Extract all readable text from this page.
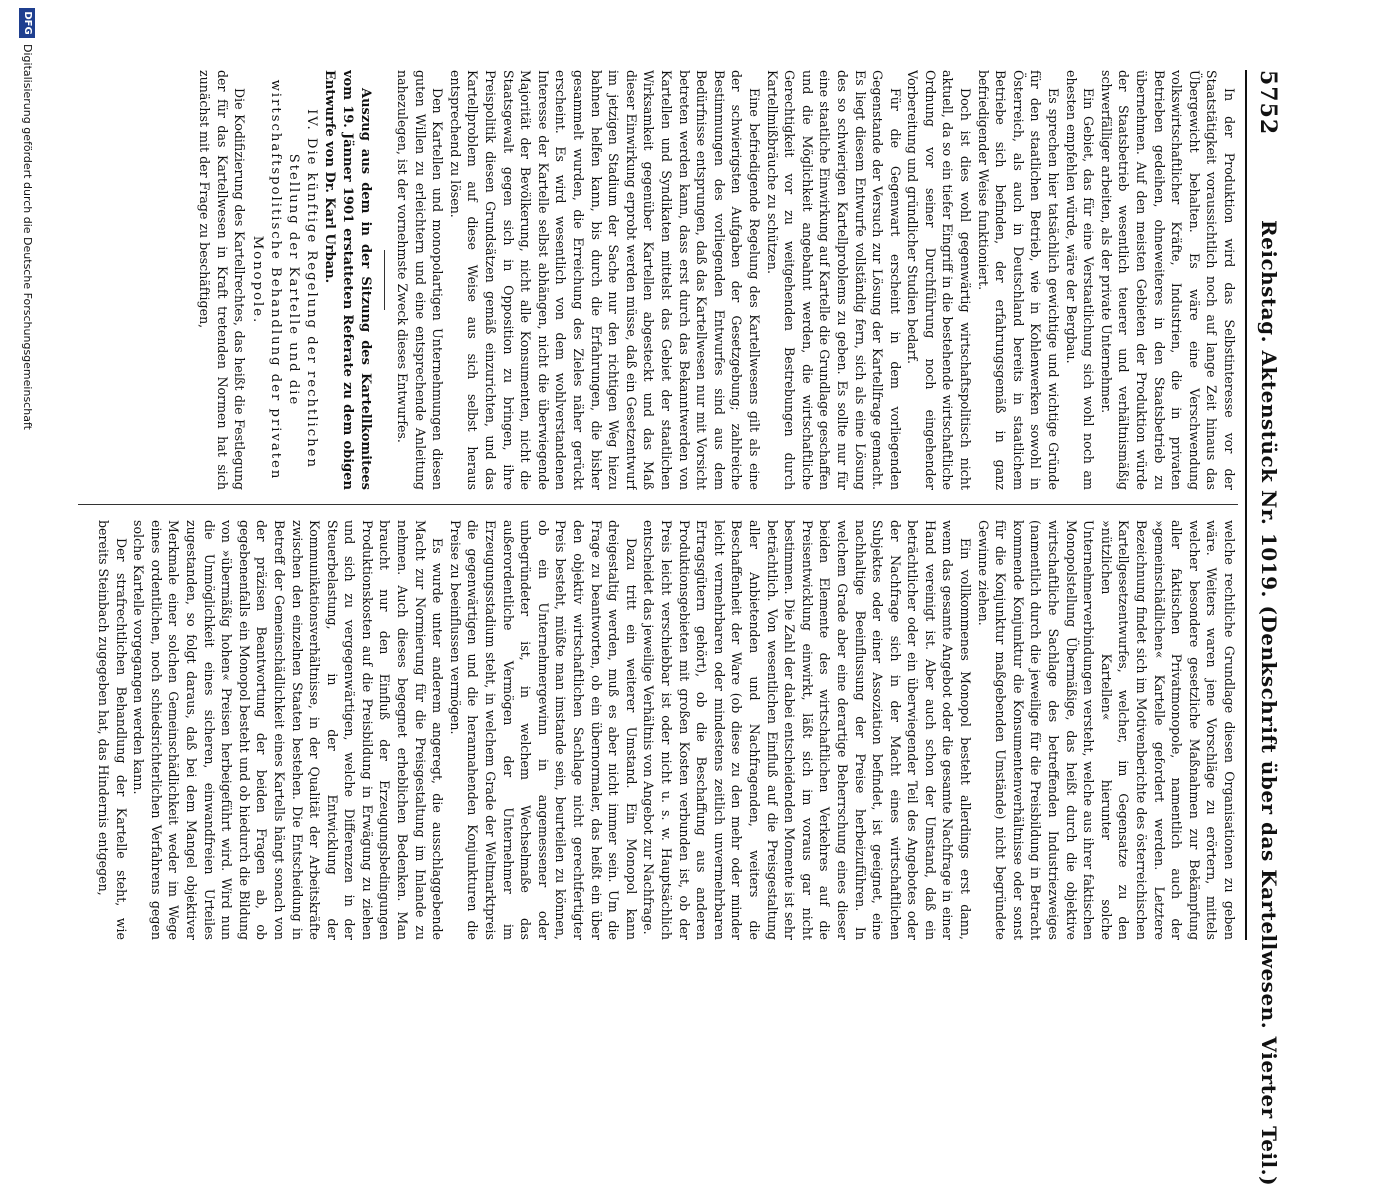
5752
Reichstag. Aktenstück Nr. 1019. (Denkschrift über das Kartellwesen. Vierter Teil.)

In der Produktion wird das Selbstinteresse vor der Staatstätigkeit voraussichtlich noch auf lange Zeit hinaus das Übergewicht behalten. Es wäre eine Verschwendung volkswirtschaftlicher Kräfte, Industrien, die in privaten Betrieben gedeihen, ohneweiteres in den Staatsbetrieb zu übernehmen. Auf den meisten Gebieten der Produktion würde der Staatsbetrieb wesentlich teuerer und verhältnismäßig schwerfälliger arbeiten, als der private Unternehmer.

Ein Gebiet, das für eine Verstaatlichung sich wohl noch am ehesten empfehlen würde, wäre der Bergbau.

Es sprechen hier tatsächlich gewichtige und wichtige Gründe für den staatlichen Betrieb, wie in Kohlenwerken sowohl in Österreich, als auch in Deutschland bereits in staatlichem Betriebe sich befinden, der erfahrungsgemäß in ganz befriedigender Weise funktioniert.

Doch ist dies wohl gegenwärtig wirtschaftspolitisch nicht aktuell, da so ein tiefer Eingriff in die bestehende wirtschaftliche Ordnung vor seiner Durchführung noch eingehender Vorbereitung und gründlicher Studien bedarf.

Für die Gegenwart erscheint in dem vorliegenden Gegenstande der Versuch zur Lösung der Kartellfrage gemacht. Es liegt diesem Entwurfe vollständig fern, sich als eine Lösung des so schwierigen Kartellproblems zu geben. Es sollte nur für eine staatliche Einwirkung auf Kartelle die Grundlage geschaffen und die Möglichkeit angebahnt werden, die wirtschaftliche Gerechtigkeit vor zu weitgehenden Bestrebungen durch Kartellmißbräuche zu schützen.

Eine befriedigende Regelung des Kartellwesens gilt als eine der schwierigsten Aufgaben der Gesetzgebung; zahlreiche Bestimmungen des vorliegenden Entwurfes sind aus dem Bedürfnisse entsprungen, daß das Kartellwesen nur mit Vorsicht betreten werden kann, dass erst durch das Bekanntwerden von Kartellen und Syndikaten mittelst das Gebiet der staatlichen Wirksamkeit gegenüber Kartellen abgesteckt und das Maß dieser Einwirkung erprobt werden müsse, daß ein Gesetzentwurf im jetzigen Stadium der Sache nur den richtigen Weg hiezu bahnen helfen kann, bis durch die Erfahrungen, die bisher gesammelt wurden, die Erreichung des Zieles näher gerückt erscheint. Es wird wesentlich von dem wohlverstandenen Interesse der Kartelle selbst abhängen, nicht die überwiegende Majorität der Bevölkerung, nicht alle Konsumenten, nicht die Staatsgewalt gegen sich in Opposition zu bringen, ihre Preispolitik diesen Grundsätzen gemäß einzurichten, und das Kartellproblem auf diese Weise aus sich selbst heraus entsprechend zu lösen.

Den Kartellen und monopolartigen Unternehmungen diesen guten Willen zu erleichtern und eine entsprechende Anleitung nahezulegen, ist der vornehmste Zweck dieses Entwurfes.

Auszug aus dem in der Sitzung des Kartellkomitees vom 19. Jänner 1901 erstatteten Referate zu dem obigen Entwurfe von Dr. Karl Urban.

IV. Die künftige Regelung der rechtlichen Stellung der Kartelle und die wirtschaftspolitische Behandlung der privaten Monopole.

Die Kodifizierung des Kartellrechtes, das heißt die Festlegung der für das Kartellwesen in Kraft tretenden Normen hat sich zunächst mit der Frage zu beschäftigen,

welche rechtliche Grundlage diesen Organisationen zu geben wäre. Weiters waren jene Vorschläge zu erörtern, mittels welcher besondere gesetzliche Maßnahmen zur Bekämpfung aller faktischen Privatmonopole, namentlich auch der »gemeinschädlichen« Kartelle gefordert werden. Letztere Bezeichnung findet sich im Motivenberichte des österreichischen Kartellgesetzentwurfes, welcher, im Gegensatze zu den »nützlichen Kartellen« hierunter solche Unternehmerverbindungen versteht, welche aus ihrer faktischen Monopolstellung Übermäßige, das heißt durch die objektive wirtschaftliche Sachlage des betreffenden Industriezweiges (namentlich durch die jeweilige für die Preisbildung in Betracht kommende Konjunktur die Konsumentenverhältnisse oder sonst für die Konjunktur maßgebenden Umstände) nicht begründete Gewinne ziehen.

Ein vollkommenes Monopol besteht allerdings erst dann, wenn das gesamte Angebot oder die gesamte Nachfrage in einer Hand vereinigt ist. Aber auch schon der Umstand, daß ein beträchtlicher oder ein überwiegender Teil des Angebotes oder der Nachfrage sich in der Macht eines wirtschaftlichen Subjektes oder einer Assoziation befindet, ist geeignet, eine nachhaltige Beeinflussung der Preise herbeizuführen. In welchem Grade aber eine derartige Beherrschung eines dieser beiden Elemente des wirtschaftlichen Verkehres auf die Preisentwicklung einwirkt, läßt sich im voraus gar nicht bestimmen. Die Zahl der dabei entscheidenden Momente ist sehr beträchtlich. Von wesentlichen Einfluß auf die Preisgestaltung aller Anbietenden und Nachfragenden, weiters die Beschaffenheit der Ware (ob diese zu den mehr oder minder leicht vermehrbaren oder mindestens zeitlich unvermehrbaren Ertragsgütern gehört), ob die Beschaffung aus anderen Produktionsgebieten mit großen Kosten verbunden ist, ob der Preis leicht verschiebbar ist oder nicht u. s. w. Hauptsächlich entscheidet das jeweilige Verhältnis von Angebot zur Nachfrage.

Dazu tritt ein weiterer Umstand. Ein Monopol kann dreigestaltig werden, muß es aber nicht immer sein. Um die Frage zu beantworten, ob ein übernormaler, das heißt ein über den objektiv wirtschaftlichen Sachlage nicht gerechtfertigter Preis besteht, müßte man imstande sein, beurteilen zu können, ob ein Unternehmergewinn in angemessener oder unbegründeter ist, in welchem Wechselmaße das außerordentliche Vermögen der Unternehmer im Erzeugungsstadium steht, in welchem Grade der Weltmarktpreis die gegenwärtigen und die herannahenden Konjunkturen die Preise zu beeinflussen vermögen.

Es wurde unter anderem angeregt, die ausschlaggebende Macht zur Normierung für die Preisgestaltung im Inlande zu nehmen. Auch dieses begegnet erheblichen Bedenken. Man braucht nur den Einfluß der Erzeugungsbedingungen Produktionskosten auf die Preisbildung in Erwägung zu ziehen und sich zu vergegenwärtigen, welche Differenzen in der Steuerbelastung, in der Entwicklung der Kommunikationsverhältnisse, in der Qualität der Arbeitskräfte zwischen den einzelnen Staaten bestehen. Die Entscheidung in Betreff der Gemeinschädlichkeit eines Kartells hängt sonach von der präzisen Beantwortung der beiden Fragen ab, ob gegebenenfalls ein Monopol besteht und ob hiedurch die Bildung von »übermäßig hohen« Preisen herbeigeführt wird. Wird nun die Unmöglichkeit eines sicheren, einwandfreien Urteiles zugestanden, so folgt daraus, daß bei dem Mangel objektiver Merkmale einer solchen Gemeinschädlichkeit weder im Wege eines ordentlichen, noch schiedsrichterlichen Verfahrens gegen solche Kartelle vorgegangen werden kann.

Der strafrechtlichen Behandlung der Kartelle steht, wie bereits Steinbach zugegeben hat, das Hindernis entgegen,

DFG
Digitalisierung gefördert durch die Deutsche Forschungsgemeinschaft
